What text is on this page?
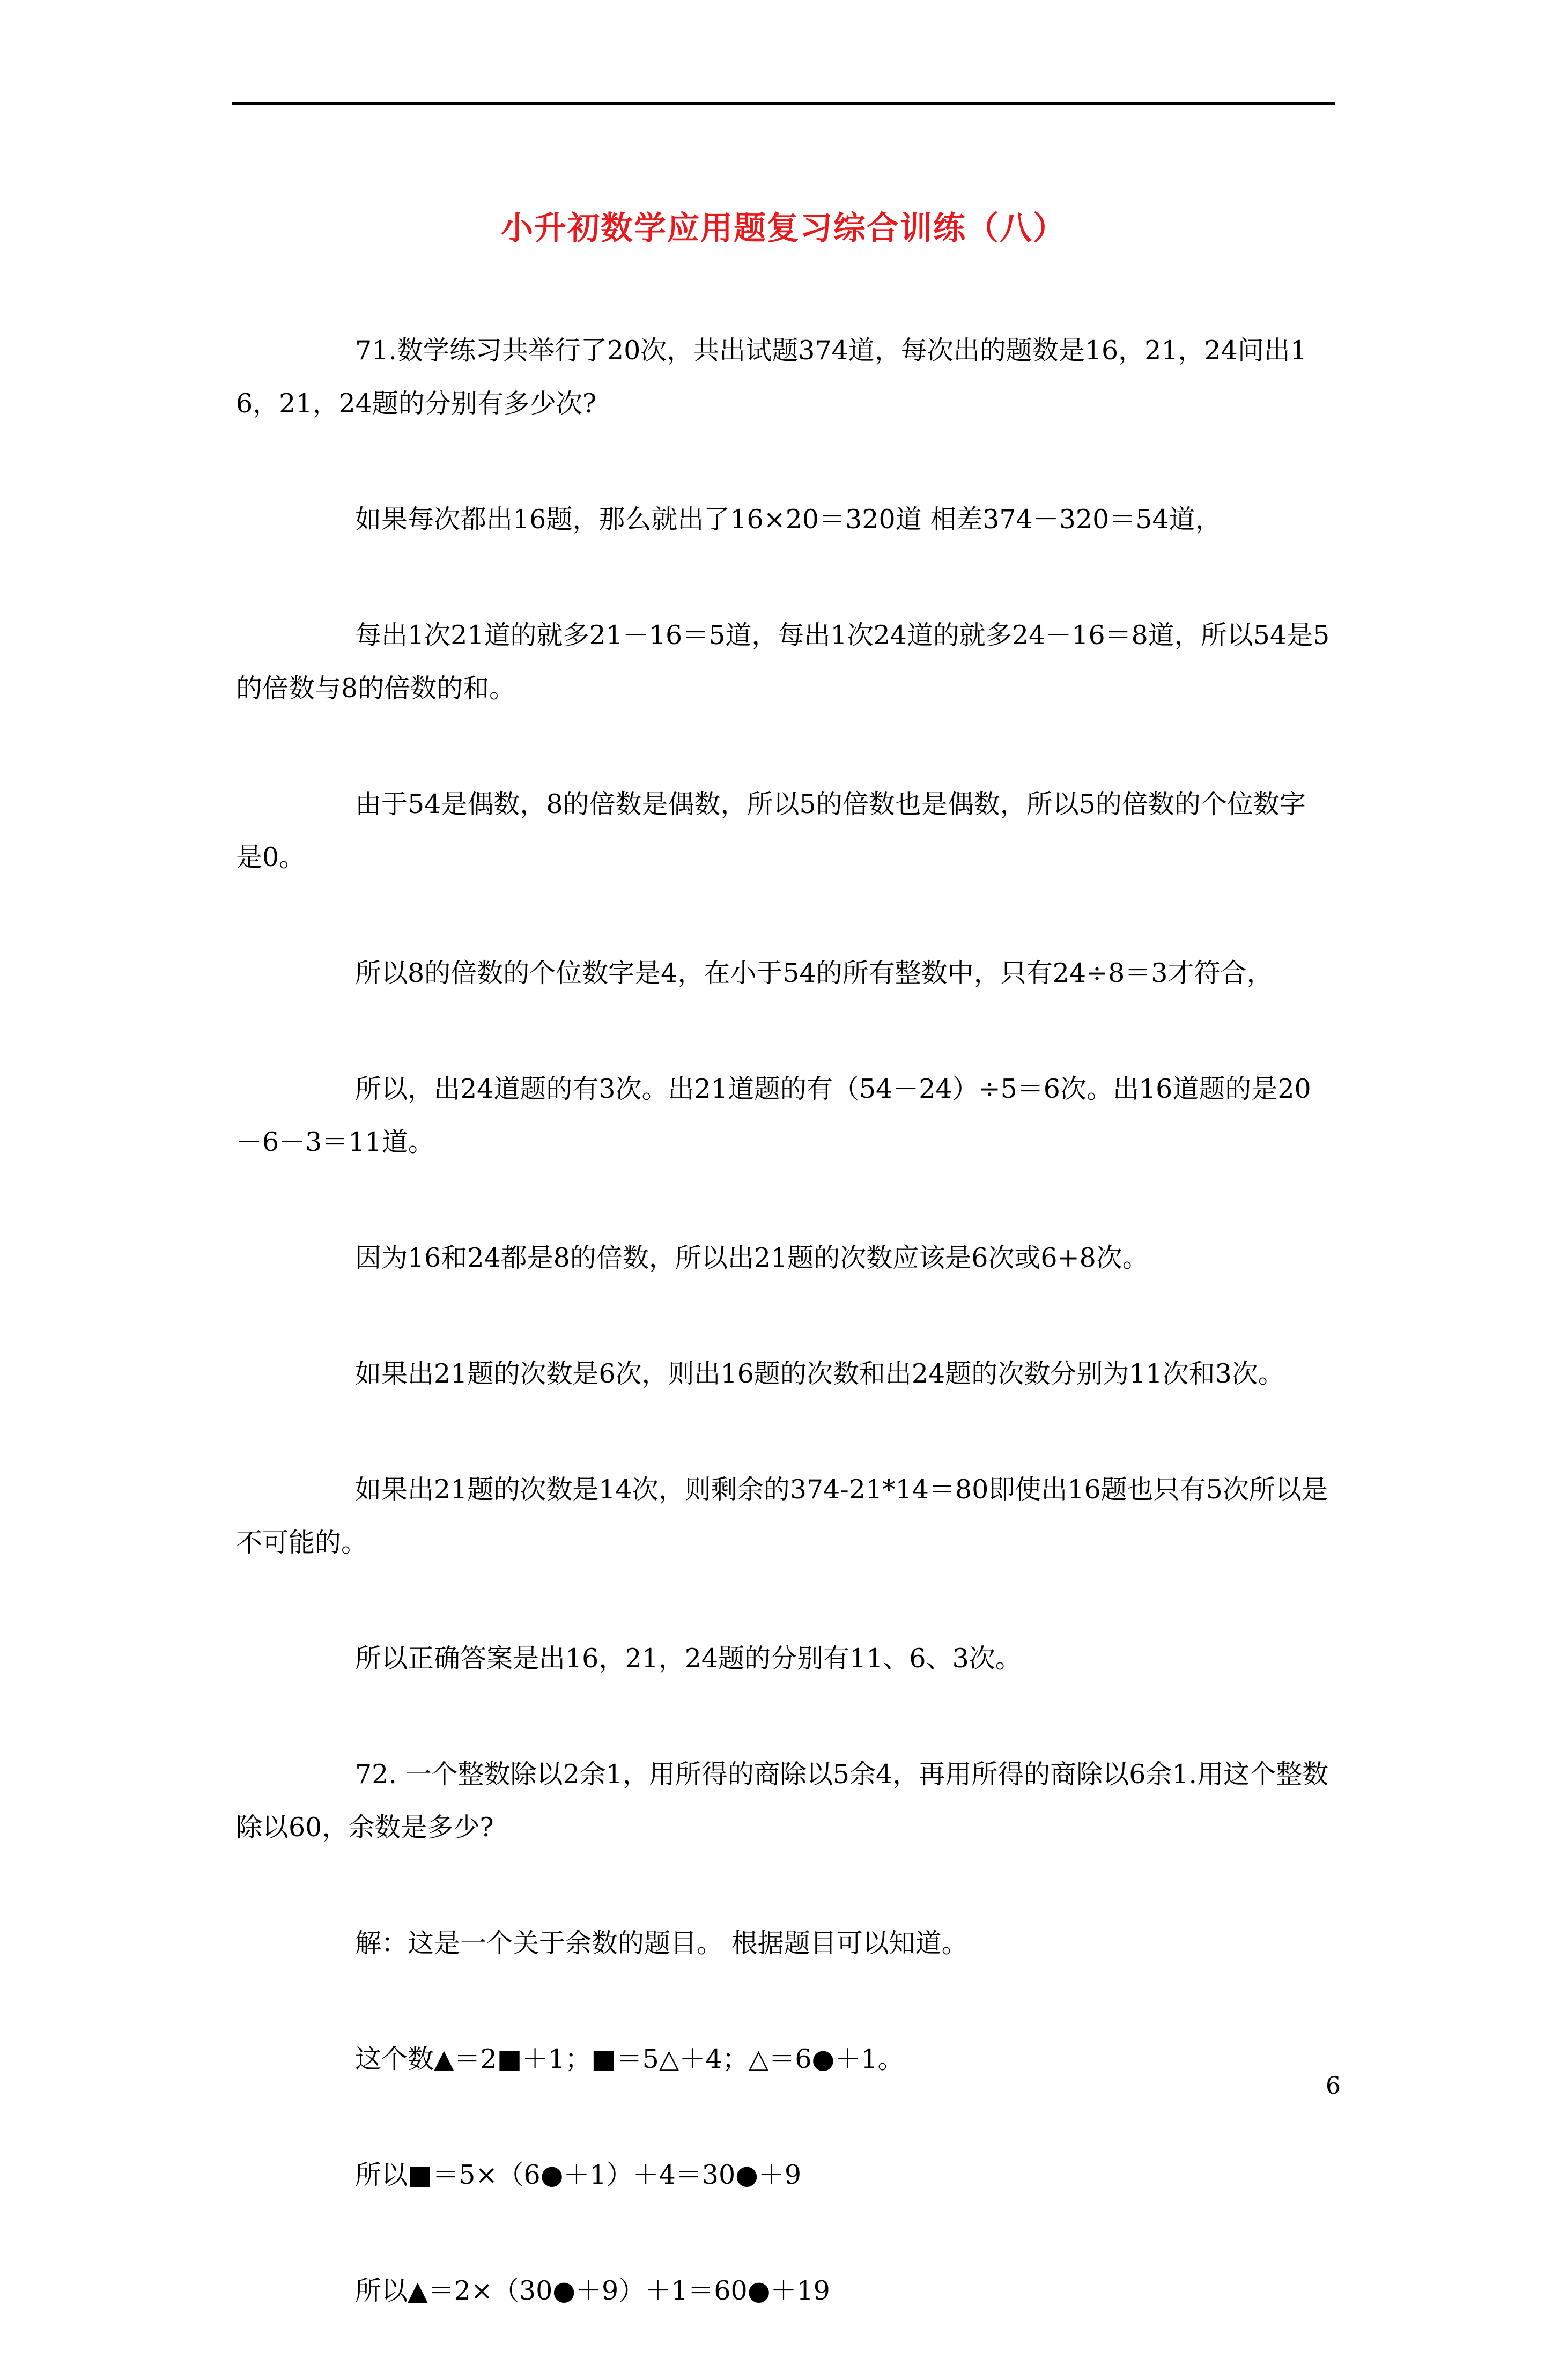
小升初数学应用题复习综合训练（八）

71.数学练习共举行了20次，共出试题374道，每次出的题数是16，21，24问出16，21，24题的分别有多少次?

如果每次都出16题，那么就出了16×20＝320道 相差374－320＝54道，

每出1次21道的就多21－16＝5道，每出1次24道的就多24－16＝8道，所以54是5的倍数与8的倍数的和。

由于54是偶数，8的倍数是偶数，所以5的倍数也是偶数，所以5的倍数的个位数字是0。

所以8的倍数的个位数字是4，在小于54的所有整数中，只有24÷8＝3才符合，

所以，出24道题的有3次。出21道题的有（54－24）÷5＝6次。出16道题的是20－6－3＝11道。

因为16和24都是8的倍数，所以出21题的次数应该是6次或6+8次。

如果出21题的次数是6次，则出16题的次数和出24题的次数分别为11次和3次。

如果出21题的次数是14次，则剩余的374-21*14＝80即使出16题也只有5次所以是不可能的。

所以正确答案是出16，21，24题的分别有11、6、3次。

72. 一个整数除以2余1，用所得的商除以5余4，再用所得的商除以6余1.用这个整数除以60，余数是多少?

解：这是一个关于余数的题目。 根据题目可以知道。

这个数▲＝2■＋1；■＝5△＋4；△＝6●＋1。

所以■＝5×（6●＋1）＋4＝30●＋9

所以▲＝2×（30●＋9）＋1＝60●＋19

6
